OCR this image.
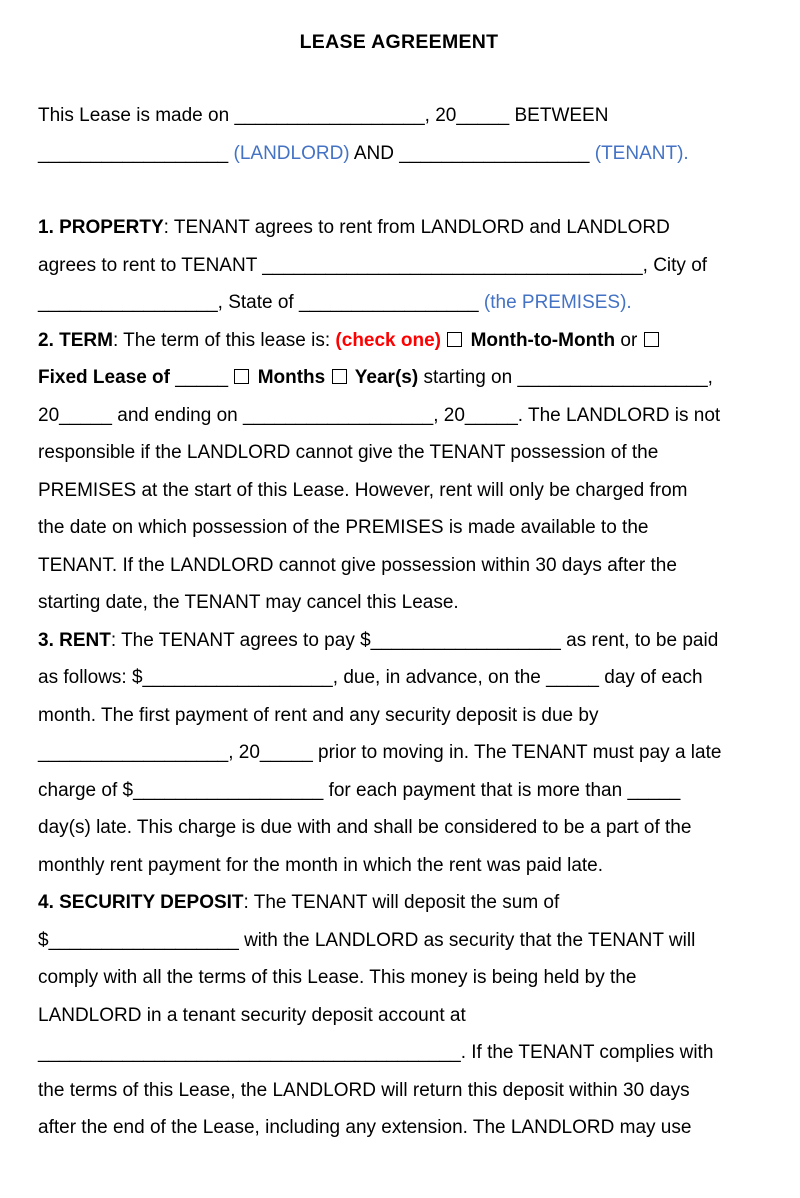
LEASE AGREEMENT

This Lease is made on __________________, 20_____ BETWEEN
__________________ (LANDLORD) AND __________________ (TENANT).

1. PROPERTY: TENANT agrees to rent from LANDLORD and LANDLORD
agrees to rent to TENANT ____________________________________, City of
_________________, State of _________________ (the PREMISES).

2. TERM: The term of this lease is: (check one) Month-to-Month or
Fixed Lease of _____ Months Year(s) starting on __________________,
20_____ and ending on __________________, 20_____. The LANDLORD is not
responsible if the LANDLORD cannot give the TENANT possession of the
PREMISES at the start of this Lease. However, rent will only be charged from
the date on which possession of the PREMISES is made available to the
TENANT. If the LANDLORD cannot give possession within 30 days after the
starting date, the TENANT may cancel this Lease.

3. RENT: The TENANT agrees to pay $__________________ as rent, to be paid
as follows: $__________________, due, in advance, on the _____ day of each
month. The first payment of rent and any security deposit is due by
__________________, 20_____ prior to moving in. The TENANT must pay a late
charge of $__________________ for each payment that is more than _____
day(s) late. This charge is due with and shall be considered to be a part of the
monthly rent payment for the month in which the rent was paid late.

4. SECURITY DEPOSIT: The TENANT will deposit the sum of
$__________________ with the LANDLORD as security that the TENANT will
comply with all the terms of this Lease. This money is being held by the
LANDLORD in a tenant security deposit account at
________________________________________. If the TENANT complies with
the terms of this Lease, the LANDLORD will return this deposit within 30 days
after the end of the Lease, including any extension. The LANDLORD may use
